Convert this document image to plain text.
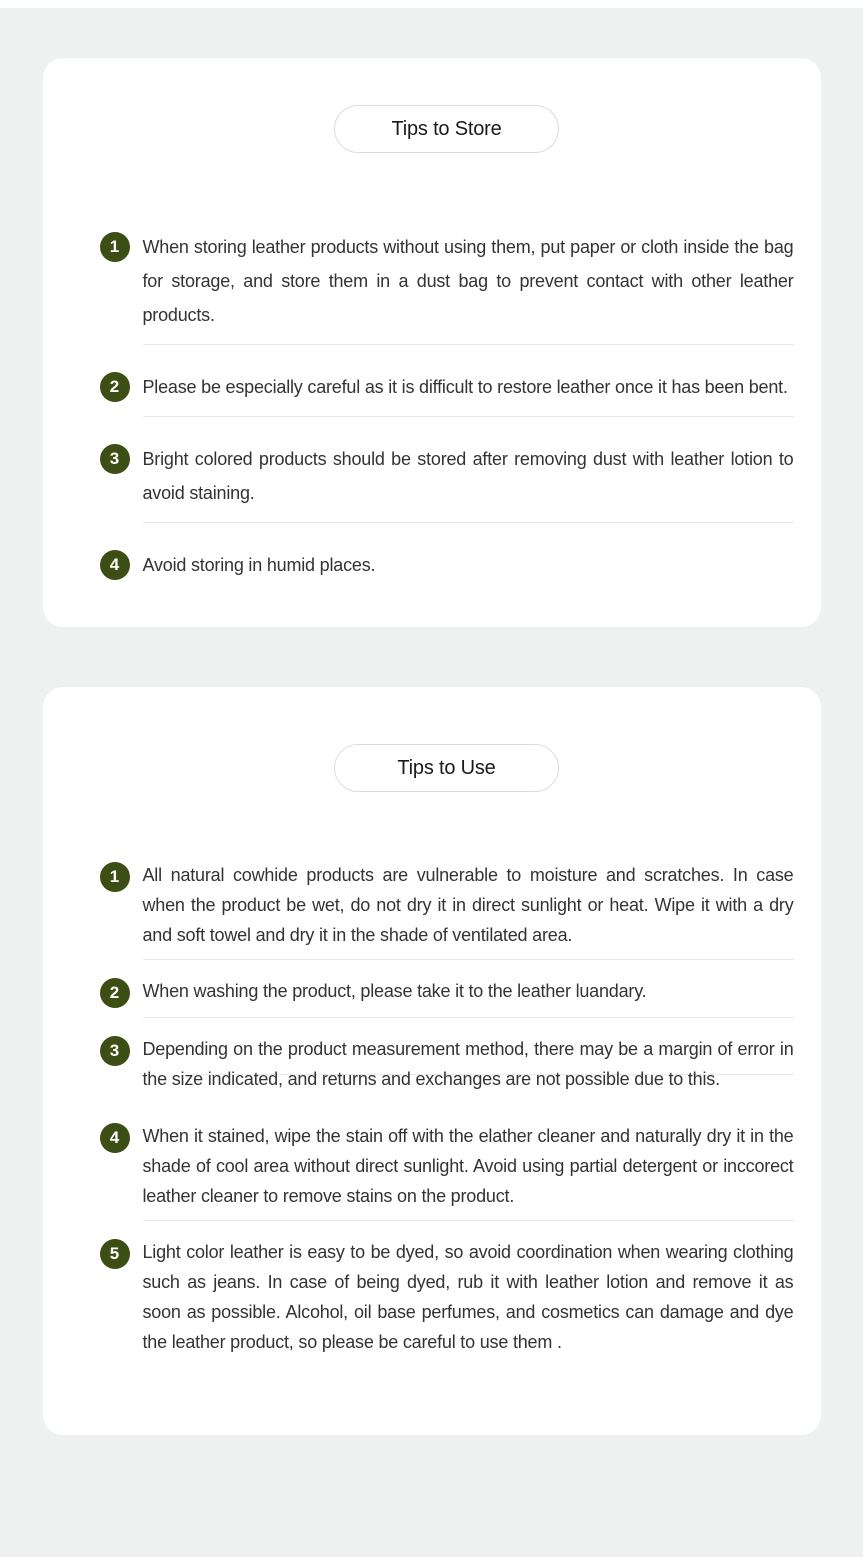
Tips to Store
1	When storing leather products without using them, put paper or cloth inside the bag for storage, and store them in a dust bag to prevent contact with other leather products.

2	Please be especially careful as it is difficult to restore leather once it has been bent.

3	Bright colored products should be stored after removing dust with leather lotion to avoid staining.

4	Avoid storing in humid places.

Tips to Use
1	All natural cowhide products are vulnerable to moisture and scratches. In case when the product be wet, do not dry it in direct sunlight or heat. Wipe it with a dry and soft towel and dry it in the shade of ventilated area.

2	When washing the product, please take it to the leather luandary.

3	Depending on the product measurement method, there may be a margin of error in the size indicated, and returns and exchanges are not possible due to this.

4	When it stained, wipe the stain off with the elather cleaner and naturally dry it in the shade of cool area without direct sunlight. Avoid using partial detergent or inccorect leather cleaner to remove stains on the product.

5	Light color leather is easy to be dyed, so avoid coordination when wearing clothing such as jeans. In case of being dyed, rub it with leather lotion and remove it as soon as possible. Alcohol, oil base perfumes, and cosmetics can damage and dye the leather product, so please be careful to use them .
